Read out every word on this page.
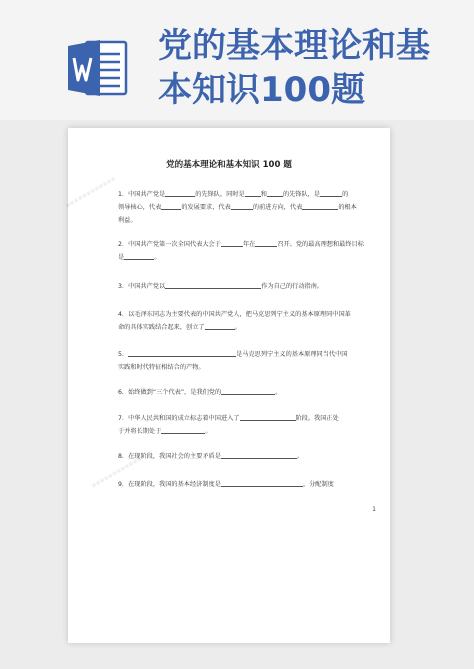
党的基本理论和基本知识100题
▪▪▪▪▪▪▪▪▪▪▪▪
▪▪▪▪▪▪▪▪▪▪▪▪
党的基本理论和基本知识 100 题
1．中国共产党是	的先锋队，同时是	和	的先锋队，是	的
领导核心，代表	的发展要求，代表	的前进方向，代表	的根本
利益。
2．中国共产党第一次全国代表大会于	年在	召开。党的最高理想和最终目标
是	。
3．中国共产党以	作为自己的行动指南。
4．以毛泽东同志为主要代表的中国共产党人，把马克思列宁主义的基本原理同中国革
命的具体实践结合起来，创立了	。
5．	是马克思列宁主义的基本原理同当代中国
实践和时代特征相结合的产物。
6．始终做到“三个代表”，是我们党的	。
7．中华人民共和国的成立标志着中国进入了	阶段。我国正处
于并将长期处于	。
8．在现阶段，我国社会的主要矛盾是	。
9．在现阶段，我国的基本经济制度是	，分配制度
1
